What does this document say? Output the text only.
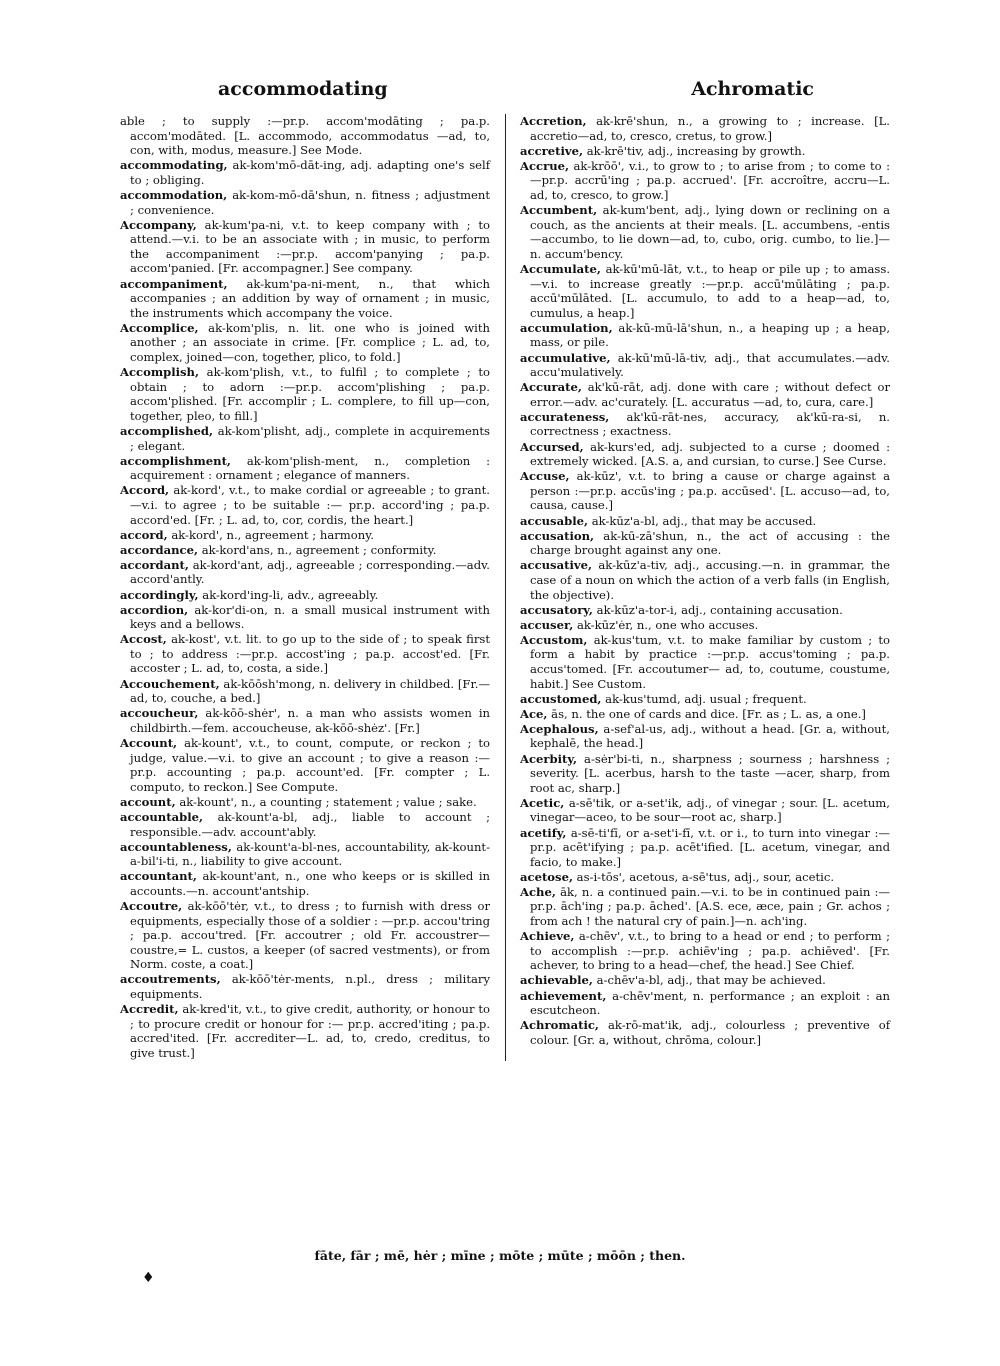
accommodating	Achromatic

able ; to supply :—pr.p. accom'modāting ; pa.p. accom'modāted. [L. accommodo, accommodatus —ad, to, con, with, modus, measure.] See Mode.

accommodating, ak-kom'mō-dāt-ing, adj. adapting one's self to ; obliging.

accommodation, ak-kom-mō-dā'shun, n. fitness ; adjustment ; convenience.

Accompany, ak-kum'pa-ni, v.t. to keep company with ; to attend.—v.i. to be an associate with ; in music, to perform the accompaniment :—pr.p. accom'panying ; pa.p. accom'panied. [Fr. accompagner.] See company.

accompaniment, ak-kum'pa-ni-ment, n., that which accompanies ; an addition by way of ornament ; in music, the instruments which accompany the voice.

Accomplice, ak-kom'plis, n. lit. one who is joined with another ; an associate in crime. [Fr. complice ; L. ad, to, complex, joined—con, together, plico, to fold.]

Accomplish, ak-kom'plish, v.t., to fulfil ; to complete ; to obtain ; to adorn :—pr.p. accom'plishing ; pa.p. accom'plished. [Fr. accomplir ; L. complere, to fill up—con, together, pleo, to fill.]

accomplished, ak-kom'plisht, adj., complete in acquirements ; elegant.

accomplishment, ak-kom'plish-ment, n., completion : acquirement : ornament ; elegance of manners.

Accord, ak-kord', v.t., to make cordial or agreeable ; to grant.—v.i. to agree ; to be suitable :— pr.p. accord'ing ; pa.p. accord'ed. [Fr. ; L. ad, to, cor, cordis, the heart.]

accord, ak-kord', n., agreement ; harmony.

accordance, ak-kord'ans, n., agreement ; conformity.

accordant, ak-kord'ant, adj., agreeable ; corresponding.—adv. accord'antly.

accordingly, ak-kord'ing-li, adv., agreeably.

accordion, ak-kor'di-on, n. a small musical instrument with keys and a bellows.

Accost, ak-kost', v.t. lit. to go up to the side of ; to speak first to ; to address :—pr.p. accost'ing ; pa.p. accost'ed. [Fr. accoster ; L. ad, to, costa, a side.]

Accouchement, ak-kōōsh'mong, n. delivery in childbed. [Fr.—ad, to, couche, a bed.]

accoucheur, ak-kōō-shėr', n. a man who assists women in childbirth.—fem. accoucheuse, ak-kōō-shėz'. [Fr.]

Account, ak-kount', v.t., to count, compute, or reckon ; to judge, value.—v.i. to give an account ; to give a reason :—pr.p. accounting ; pa.p. account'ed. [Fr. compter ; L. computo, to reckon.] See Compute.

account, ak-kount', n., a counting ; statement ; value ; sake.

accountable, ak-kount'a-bl, adj., liable to account ; responsible.—adv. account'ably.

accountableness, ak-kount'a-bl-nes, accountability, ak-kount-a-bil'i-ti, n., liability to give account.

accountant, ak-kount'ant, n., one who keeps or is skilled in accounts.—n. account'antship.

Accoutre, ak-kōō'tėr, v.t., to dress ; to furnish with dress or equipments, especially those of a soldier : —pr.p. accou'tring ; pa.p. accou'tred. [Fr. accoutrer ; old Fr. accoustrer—coustre,= L. custos, a keeper (of sacred vestments), or from Norm. coste, a coat.]

accoutrements, ak-kōō'tėr-ments, n.pl., dress ; military equipments.

Accredit, ak-kred'it, v.t., to give credit, authority, or honour to ; to procure credit or honour for :— pr.p. accred'iting ; pa.p. accred'ited. [Fr. accrediter—L. ad, to, credo, creditus, to give trust.]

Accretion, ak-krē'shun, n., a growing to ; increase. [L. accretio—ad, to, cresco, cretus, to grow.]

accretive, ak-krē'tiv, adj., increasing by growth.

Accrue, ak-krōō', v.i., to grow to ; to arise from ; to come to :—pr.p. accrū'ing ; pa.p. accrued'. [Fr. accroître, accru—L. ad, to, cresco, to grow.]

Accumbent, ak-kum'bent, adj., lying down or reclining on a couch, as the ancients at their meals. [L. accumbens, -entis—accumbo, to lie down—ad, to, cubo, orig. cumbo, to lie.]—n. accum'bency.

Accumulate, ak-kū'mū-lāt, v.t., to heap or pile up ; to amass.—v.i. to increase greatly :—pr.p. accū'mūlāting ; pa.p. accū'mūlāted. [L. accumulo, to add to a heap—ad, to, cumulus, a heap.]

accumulation, ak-kū-mū-lā'shun, n., a heaping up ; a heap, mass, or pile.

accumulative, ak-kū'mū-lā-tiv, adj., that accumulates.—adv. accu'mulatively.

Accurate, ak'kū-rāt, adj. done with care ; without defect or error.—adv. ac'curately. [L. accuratus —ad, to, cura, care.]

accurateness, ak'kū-rāt-nes, accuracy, ak'kū-ra-si, n. correctness ; exactness.

Accursed, ak-kurs'ed, adj. subjected to a curse ; doomed : extremely wicked. [A.S. a, and cursian, to curse.] See Curse.

Accuse, ak-kūz', v.t. to bring a cause or charge against a person :—pr.p. accūs'ing ; pa.p. accūsed'. [L. accuso—ad, to, causa, cause.]

accusable, ak-kūz'a-bl, adj., that may be accused.

accusation, ak-kū-zā'shun, n., the act of accusing : the charge brought against any one.

accusative, ak-kūz'a-tiv, adj., accusing.—n. in grammar, the case of a noun on which the action of a verb falls (in English, the objective).

accusatory, ak-kūz'a-tor-i, adj., containing accusation.

accuser, ak-kūz'ėr, n., one who accuses.

Accustom, ak-kus'tum, v.t. to make familiar by custom ; to form a habit by practice :—pr.p. accus'toming ; pa.p. accus'tomed. [Fr. accoutumer— ad, to, coutume, coustume, habit.] See Custom.

accustomed, ak-kus'tumd, adj. usual ; frequent.

Ace, ās, n. the one of cards and dice. [Fr. as ; L. as, a one.]

Acephalous, a-sef'al-us, adj., without a head. [Gr. a, without, kephalē, the head.]

Acerbity, a-sėr'bi-ti, n., sharpness ; sourness ; harshness ; severity. [L. acerbus, harsh to the taste —acer, sharp, from root ac, sharp.]

Acetic, a-sē'tik, or a-set'ik, adj., of vinegar ; sour. [L. acetum, vinegar—aceo, to be sour—root ac, sharp.]

acetify, a-sē-ti'fī, or a-set'i-fī, v.t. or i., to turn into vinegar :—pr.p. acēt'ifying ; pa.p. acēt'ified. [L. acetum, vinegar, and facio, to make.]

acetose, as-i-tōs', acetous, a-sē'tus, adj., sour, acetic.

Ache, āk, n. a continued pain.—v.i. to be in continued pain :—pr.p. āch'ing ; pa.p. āched'. [A.S. ece, æce, pain ; Gr. achos ; from ach ! the natural cry of pain.]—n. ach'ing.

Achieve, a-chēv', v.t., to bring to a head or end ; to perform ; to accomplish :—pr.p. achiēv'ing ; pa.p. achiēved'. [Fr. achever, to bring to a head—chef, the head.] See Chief.

achievable, a-chēv'a-bl, adj., that may be achieved.

achievement, a-chēv'ment, n. performance ; an exploit : an escutcheon.

Achromatic, ak-rō-mat'ik, adj., colourless ; preventive of colour. [Gr. a, without, chrōma, colour.]

fāte, fār ; mē, hėr ; mīne ; mōte ; mūte ; mōōn ; then.
♦
